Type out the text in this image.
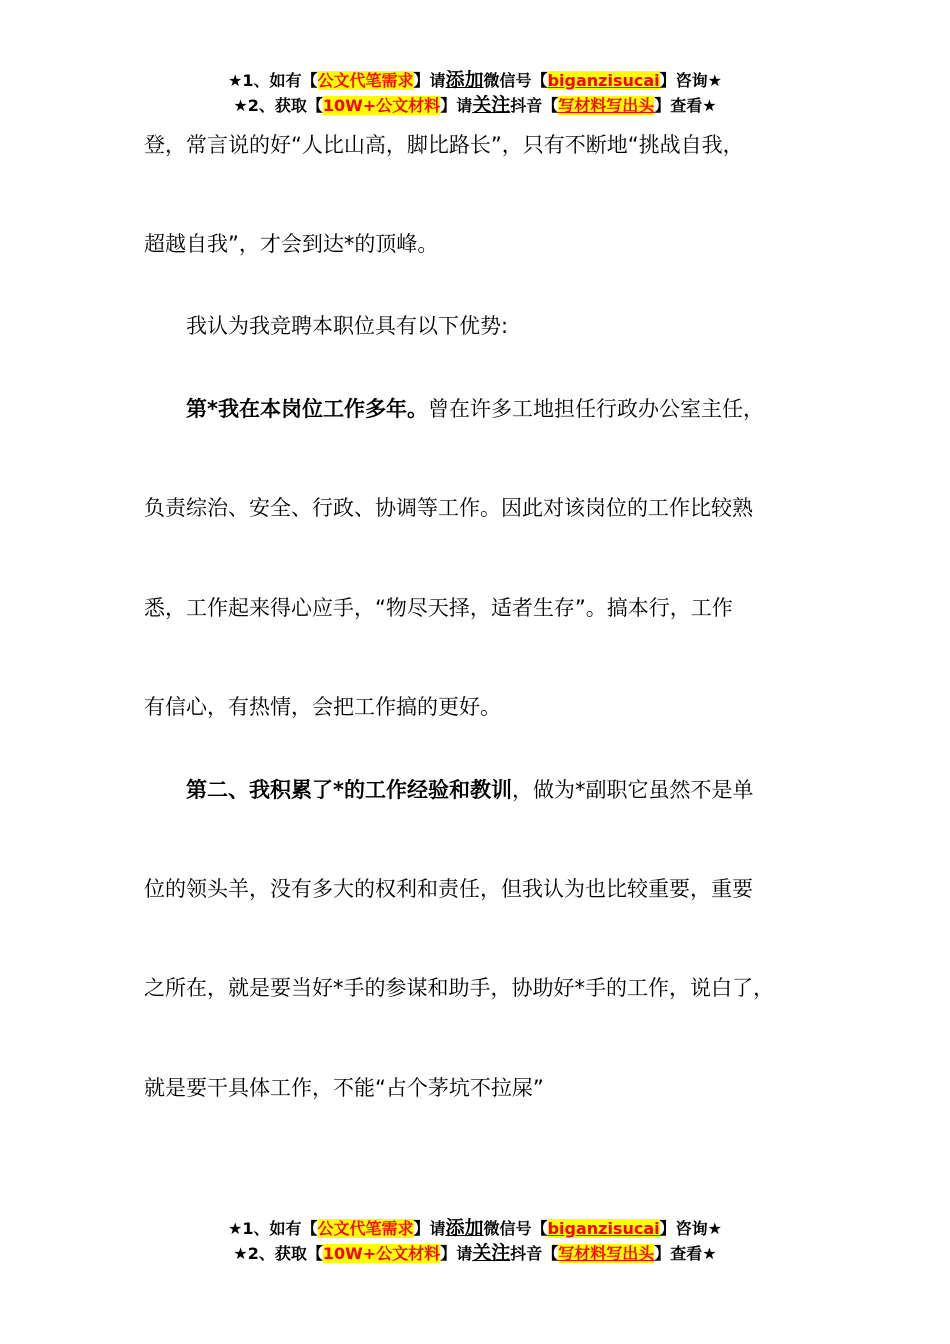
★1、如有【公文代笔需求】请添加微信号【biganzisucai】咨询★
★2、获取【10W+公文材料】请关注抖音【写材料写出头】查看★
登，常言说的好“人比山高，脚比路长”，只有不断地“挑战自我，
超越自我”，才会到达*的顶峰。
我认为我竞聘本职位具有以下优势:
第*我在本岗位工作多年。曾在许多工地担任行政办公室主任，
负责综治、安全、行政、协调等工作。因此对该岗位的工作比较熟
悉，工作起来得心应手，“物尽天择，适者生存”。搞本行，工作
有信心，有热情，会把工作搞的更好。
第二、我积累了*的工作经验和教训，做为*副职它虽然不是单
位的领头羊，没有多大的权利和责任，但我认为也比较重要，重要
之所在，就是要当好*手的参谋和助手，协助好*手的工作，说白了，
就是要干具体工作，不能“占个茅坑不拉屎”
★1、如有【公文代笔需求】请添加微信号【biganzisucai】咨询★
★2、获取【10W+公文材料】请关注抖音【写材料写出头】查看★
